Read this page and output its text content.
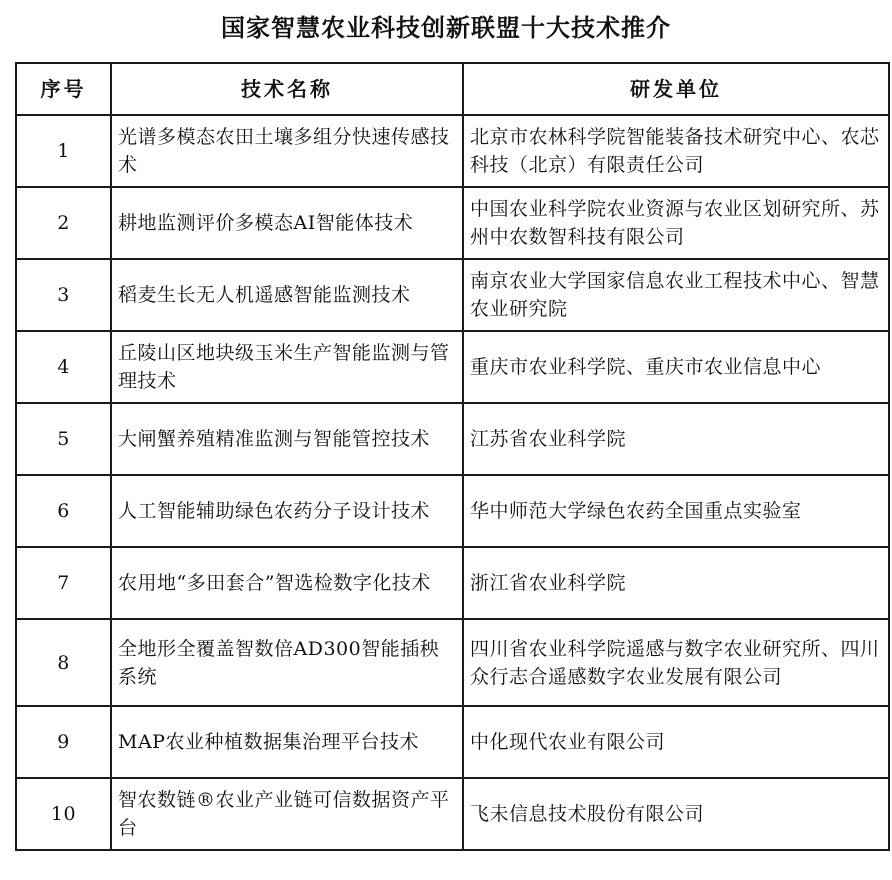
国家智慧农业科技创新联盟十大技术推介
序号	技术名称	研发单位
1	光谱多模态农田土壤多组分快速传感技术	北京市农林科学院智能装备技术研究中心、农芯科技（北京）有限责任公司
2	耕地监测评价多模态AI智能体技术	中国农业科学院农业资源与农业区划研究所、苏州中农数智科技有限公司
3	稻麦生长无人机遥感智能监测技术	南京农业大学国家信息农业工程技术中心、智慧农业研究院
4	丘陵山区地块级玉米生产智能监测与管理技术	重庆市农业科学院、重庆市农业信息中心
5	大闸蟹养殖精准监测与智能管控技术	江苏省农业科学院
6	人工智能辅助绿色农药分子设计技术	华中师范大学绿色农药全国重点实验室
7	农用地“多田套合”智选检数字化技术	浙江省农业科学院
8	全地形全覆盖智数倍AD300智能插秧系统	四川省农业科学院遥感与数字农业研究所、四川众行志合遥感数字农业发展有限公司
9	MAP农业种植数据集治理平台技术	中化现代农业有限公司
10	智农数链®农业产业链可信数据资产平台	飞未信息技术股份有限公司
